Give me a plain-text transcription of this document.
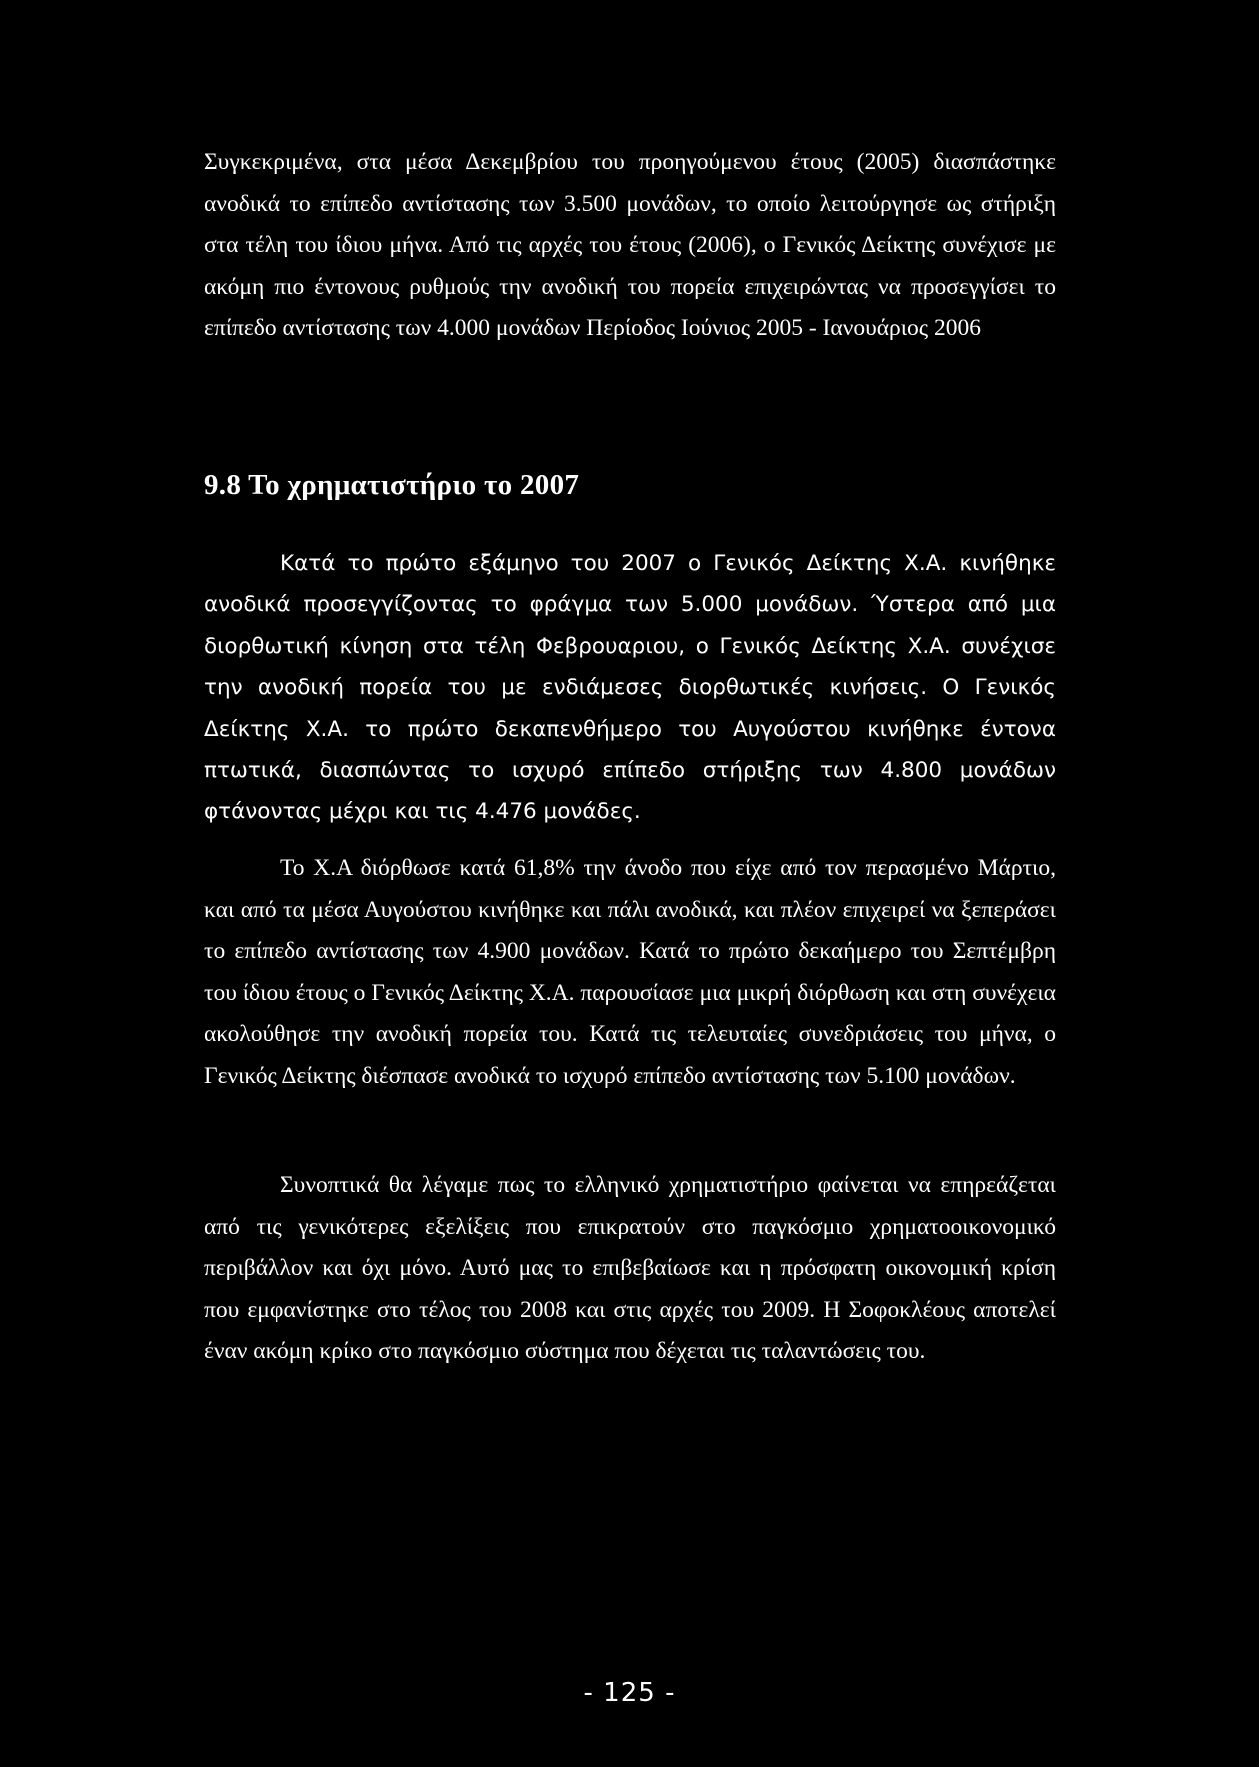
Συγκεκριμένα, στα μέσα Δεκεμβρίου του προηγούμενου έτους (2005) διασπάστηκε ανοδικά το επίπεδο αντίστασης των 3.500 μονάδων, το οποίο λειτούργησε ως στήριξη στα τέλη του ίδιου μήνα. Από τις αρχές του έτους (2006), ο Γενικός Δείκτης συνέχισε με ακόμη πιο έντονους ρυθμούς την ανοδική του πορεία επιχειρώντας να προσεγγίσει το επίπεδο αντίστασης των 4.000 μονάδων Περίοδος Ιούνιος 2005 - Ιανουάριος 2006

9.8 Το χρηματιστήριο το 2007

Κατά το πρώτο εξάμηνο του 2007 ο Γενικός Δείκτης Χ.Α. κινήθηκε ανοδικά προσεγγίζοντας το φράγμα των 5.000 μονάδων. Ύστερα από μια διορθωτική κίνηση στα τέλη Φεβρουαριου, ο Γενικός Δείκτης Χ.Α. συνέχισε την ανοδική πορεία του με ενδιάμεσες διορθωτικές κινήσεις. Ο Γενικός Δείκτης Χ.Α. το πρώτο δεκαπενθήμερο του Αυγούστου κινήθηκε έντονα πτωτικά, διασπώντας το ισχυρό επίπεδο στήριξης των 4.800 μονάδων φτάνοντας μέχρι και τις 4.476 μονάδες.

Το Χ.Α διόρθωσε κατά 61,8% την άνοδο που είχε από τον περασμένο Μάρτιο, και από τα μέσα Αυγούστου κινήθηκε και πάλι ανοδικά, και πλέον επιχειρεί να ξεπεράσει το επίπεδο αντίστασης των 4.900 μονάδων. Κατά το πρώτο δεκαήμερο του Σεπτέμβρη του ίδιου έτους ο Γενικός Δείκτης Χ.Α. παρουσίασε μια μικρή διόρθωση και στη συνέχεια ακολούθησε την ανοδική πορεία του. Κατά τις τελευταίες συνεδριάσεις του μήνα, ο Γενικός Δείκτης διέσπασε ανοδικά το ισχυρό επίπεδο αντίστασης των 5.100 μονάδων.

Συνοπτικά θα λέγαμε πως το ελληνικό χρηματιστήριο φαίνεται να επηρεάζεται από τις γενικότερες εξελίξεις που επικρατούν στο παγκόσμιο χρηματοοικονομικό περιβάλλον και όχι μόνο. Αυτό μας το επιβεβαίωσε και η πρόσφατη οικονομική κρίση που εμφανίστηκε στο τέλος του 2008 και στις αρχές του 2009. Η Σοφοκλέους αποτελεί έναν ακόμη κρίκο στο παγκόσμιο σύστημα που δέχεται τις ταλαντώσεις του.

- 125 -
